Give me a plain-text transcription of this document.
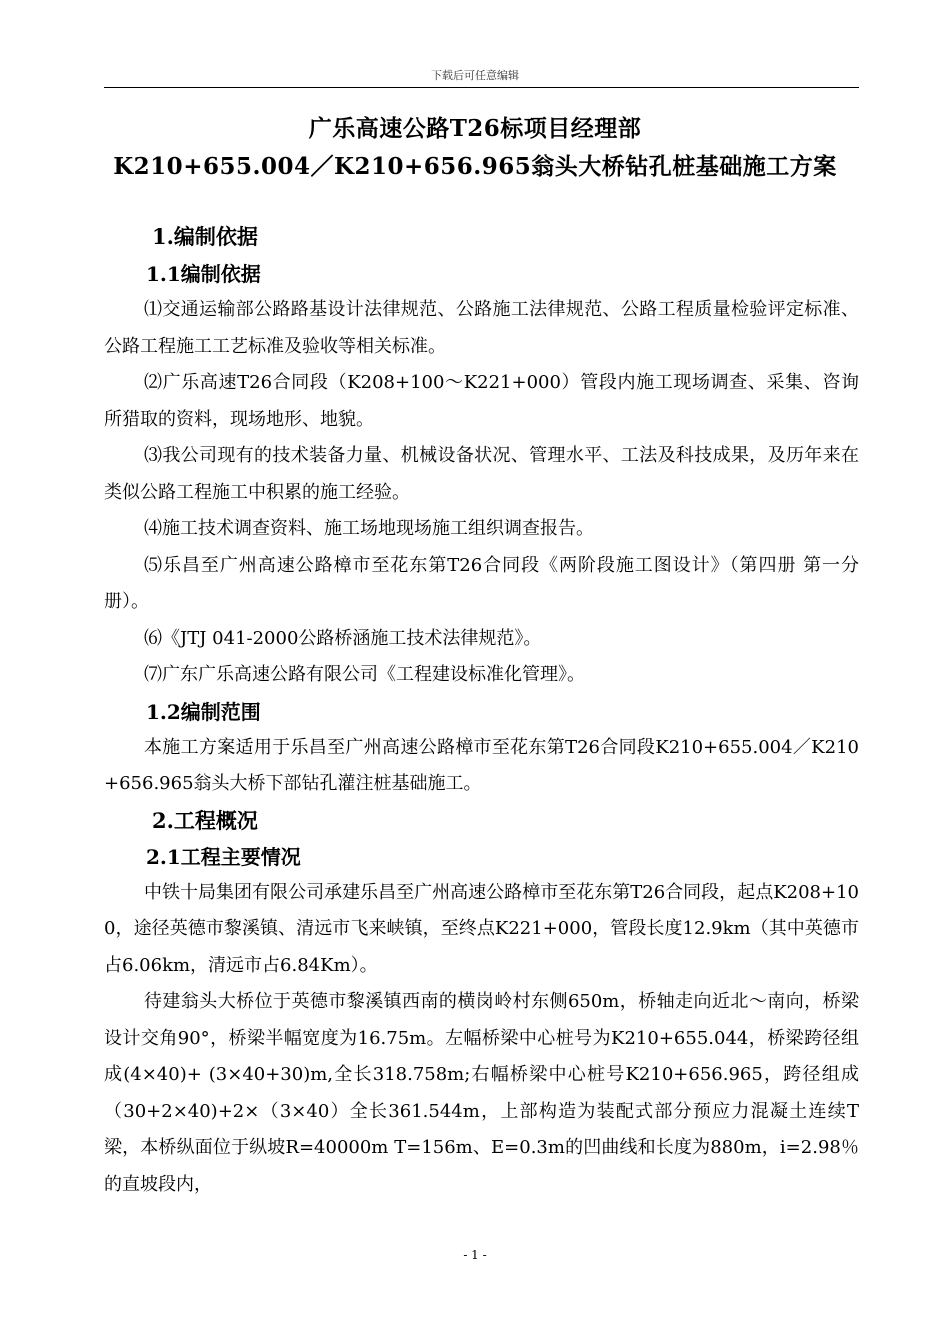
下载后可任意编辑
广乐高速公路T26标项目经理部
K210+655.004／K210+656.965翁头大桥钻孔桩基础施工方案

1.编制依据

1.1编制依据

⑴交通运输部公路路基设计法律规范、公路施工法律规范、公路工程质量检验评定标准、公路工程施工工艺标准及验收等相关标准。

⑵广乐高速T26合同段（K208+100～K221+000）管段内施工现场调查、采集、咨询所猎取的资料，现场地形、地貌。

⑶我公司现有的技术装备力量、机械设备状况、管理水平、工法及科技成果，及历年来在类似公路工程施工中积累的施工经验。

⑷施工技术调查资料、施工场地现场施工组织调查报告。

⑸乐昌至广州高速公路樟市至花东第T26合同段《两阶段施工图设计》（第四册 第一分册）。

⑹《JTJ 041-2000公路桥涵施工技术法律规范》。

⑺广东广乐高速公路有限公司《工程建设标准化管理》。

1.2编制范围

本施工方案适用于乐昌至广州高速公路樟市至花东第T26合同段K210+655.004／K210+656.965翁头大桥下部钻孔灌注桩基础施工。

2.工程概况

2.1工程主要情况

中铁十局集团有限公司承建乐昌至广州高速公路樟市至花东第T26合同段，起点K208+100，途径英德市黎溪镇、清远市飞来峡镇，至终点K221+000，管段长度12.9km（其中英德市占6.06km，清远市占6.84Km）。

待建翁头大桥位于英德市黎溪镇西南的横岗岭村东侧650m，桥轴走向近北～南向，桥梁设计交角90°，桥梁半幅宽度为16.75m。左幅桥梁中心桩号为K210+655.044，桥梁跨径组成(4×40)+ (3×40+30)m,全长318.758m;右幅桥梁中心桩号K210+656.965，跨径组成（30+2×40)+2×（3×40）全长361.544m，上部构造为装配式部分预应力混凝土连续T梁，本桥纵面位于纵坡R=40000m T=156m、E=0.3m的凹曲线和长度为880m，i=2.98％的直坡段内，

- 1 -
